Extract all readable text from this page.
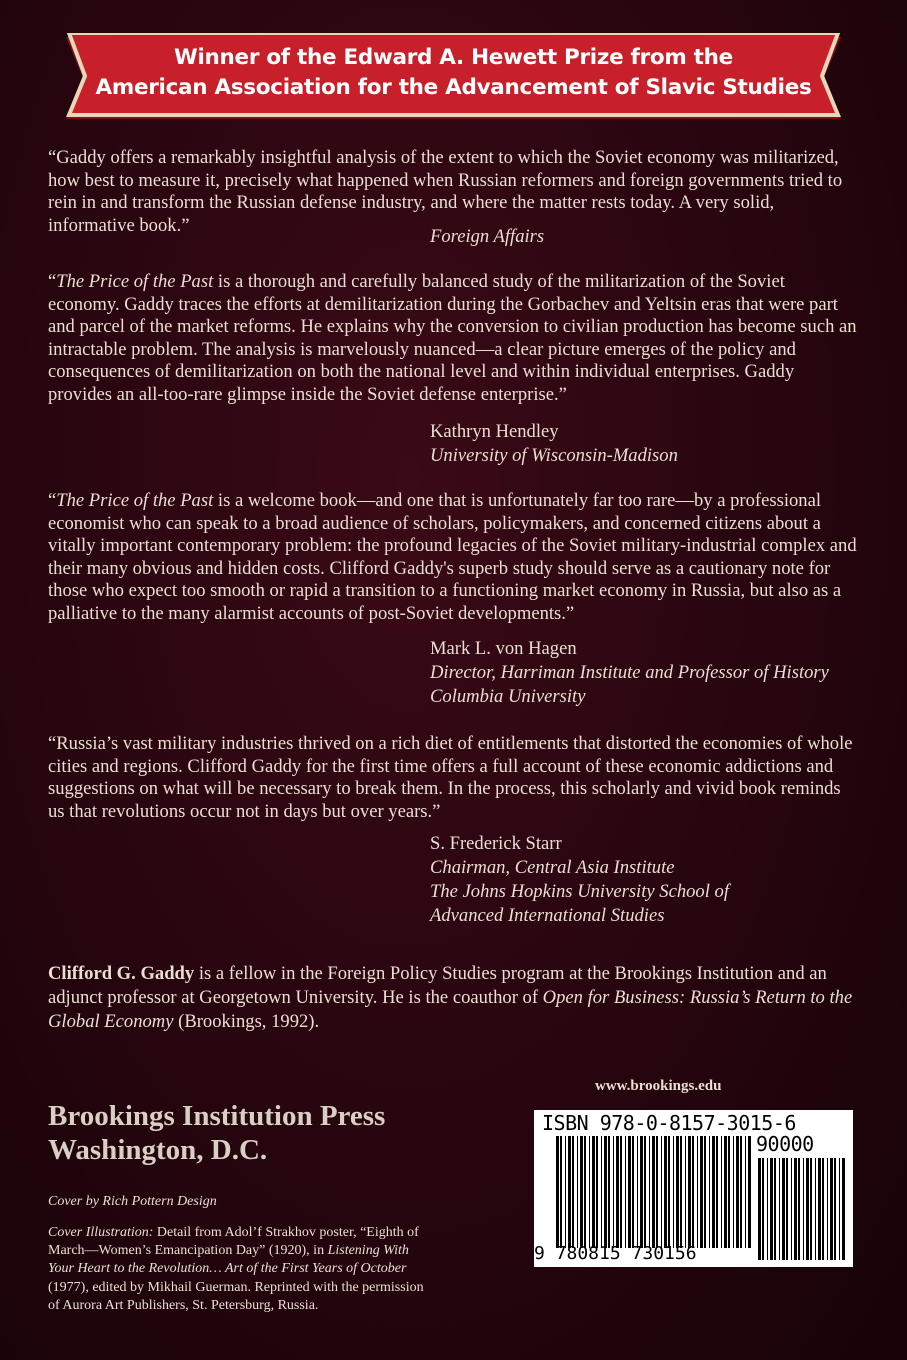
Winner of the Edward A. Hewett Prize from the
American Association for the Advancement of Slavic Studies

“Gaddy offers a remarkably insightful analysis of the extent to which the Soviet economy was militarized, how best to measure it, precisely what happened when Russian reformers and foreign governments tried to rein in and transform the Russian defense industry, and where the matter rests today. A very solid, informative book.”

Foreign Affairs

“The Price of the Past is a thorough and carefully balanced study of the militarization of the Soviet economy. Gaddy traces the efforts at demilitarization during the Gorbachev and Yeltsin eras that were part and parcel of the market reforms. He explains why the conversion to civilian production has become such an intractable problem. The analysis is marvelously nuanced—a clear picture emerges of the policy and consequences of demilitarization on both the national level and within individual enterprises. Gaddy provides an all-too-rare glimpse inside the Soviet defense enterprise.”

Kathryn Hendley
University of Wisconsin-Madison

“The Price of the Past is a welcome book—and one that is unfortunately far too rare—by a professional economist who can speak to a broad audience of scholars, policymakers, and concerned citizens about a vitally important contemporary problem: the profound legacies of the Soviet military-industrial complex and their many obvious and hidden costs. Clifford Gaddy's superb study should serve as a cautionary note for those who expect too smooth or rapid a transition to a functioning market economy in Russia, but also as a palliative to the many alarmist accounts of post-Soviet developments.”

Mark L. von Hagen
Director, Harriman Institute and Professor of History
Columbia University

“Russia’s vast military industries thrived on a rich diet of entitlements that distorted the economies of whole cities and regions. Clifford Gaddy for the first time offers a full account of these economic addictions and suggestions on what will be necessary to break them. In the process, this scholarly and vivid book reminds us that revolutions occur not in days but over years.”

S. Frederick Starr
Chairman, Central Asia Institute
The Johns Hopkins University School of
Advanced International Studies
Clifford G. Gaddy is a fellow in the Foreign Policy Studies program at the Brookings Institution and an adjunct professor at Georgetown University. He is the coauthor of Open for Business: Russia’s Return to the Global Economy (Brookings, 1992).
www.brookings.edu
Brookings Institution Press
Washington, D.C.
ISBN 978-0-8157-3015-6
90000
9 780815 730156
Cover by Rich Pottern Design
Cover Illustration: Detail from Adol’f Strakhov poster, “Eighth of March—Women’s Emancipation Day” (1920), in Listening With Your Heart to the Revolution… Art of the First Years of October (1977), edited by Mikhail Guerman. Reprinted with the permission of Aurora Art Publishers, St. Petersburg, Russia.
